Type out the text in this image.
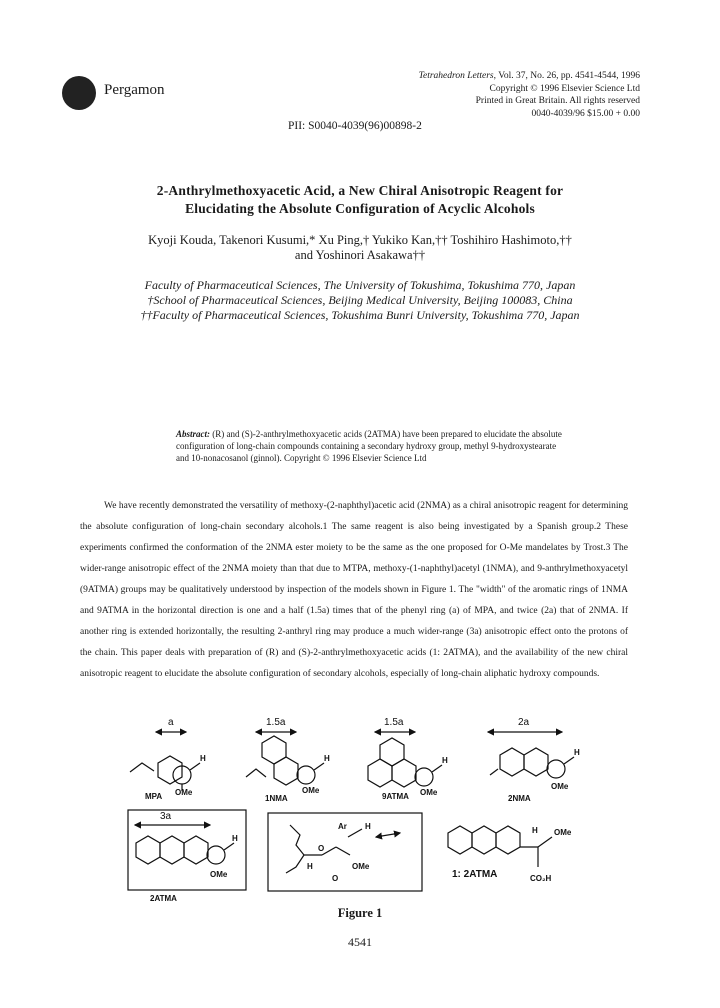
Pergamon
Tetrahedron Letters, Vol. 37, No. 26, pp. 4541-4544, 1996
Copyright © 1996 Elsevier Science Ltd
Printed in Great Britain. All rights reserved
0040-4039/96 $15.00 + 0.00
PII: S0040-4039(96)00898-2
2-Anthrylmethoxyacetic Acid, a New Chiral Anisotropic Reagent for
Elucidating the Absolute Configuration of Acyclic Alcohols
Kyoji Kouda, Takenori Kusumi,* Xu Ping,† Yukiko Kan,†† Toshihiro Hashimoto,††
and Yoshinori Asakawa††
Faculty of Pharmaceutical Sciences, The University of Tokushima, Tokushima 770, Japan
†School of Pharmaceutical Sciences, Beijing Medical University, Beijing 100083, China
††Faculty of Pharmaceutical Sciences, Tokushima Bunri University, Tokushima 770, Japan
Abstract: (R) and (S)-2-anthrylmethoxyacetic acids (2ATMA) have been prepared to elucidate the absolute configuration of long-chain compounds containing a secondary hydroxy group, methyl 9-hydroxystearate and 10-nonacosanol (ginnol). Copyright © 1996 Elsevier Science Ltd
We have recently demonstrated the versatility of methoxy-(2-naphthyl)acetic acid (2NMA) as a chiral anisotropic reagent for determining the absolute configuration of long-chain secondary alcohols.1 The same reagent is also being investigated by a Spanish group.2 These experiments confirmed the conformation of the 2NMA ester moiety to be the same as the one proposed for O-Me mandelates by Trost.3 The wider-range anisotropic effect of the 2NMA moiety than that due to MTPA, methoxy-(1-naphthyl)acetyl (1NMA), and 9-anthrylmethoxyacetyl (9ATMA) groups may be qualitatively understood by inspection of the models shown in Figure 1. The "width" of the aromatic rings of 1NMA and 9ATMA in the horizontal direction is one and a half (1.5a) times that of the phenyl ring (a) of MPA, and twice (2a) that of 2NMA. If another ring is extended horizontally, the resulting 2-anthryl ring may produce a much wider-range (3a) anisotropic effect onto the protons of the chain. This paper deals with preparation of (R) and (S)-2-anthrylmethoxyacetic acids (1: 2ATMA), and the availability of the new chiral anisotropic reagent to elucidate the absolute configuration of secondary alcohols, especially of long-chain aliphatic hydroxy compounds.
a	1.5a	1.5a	2a
3a
MPA	1NMA	9ATMA	2NMA
2ATMA
OMe	OMe	OMe
OMe
OMe
OMe
OMe
H	H	H
H
H
H
H
H
Ar
O
O	CO₂H
1: 2ATMA
Figure 1
4541
